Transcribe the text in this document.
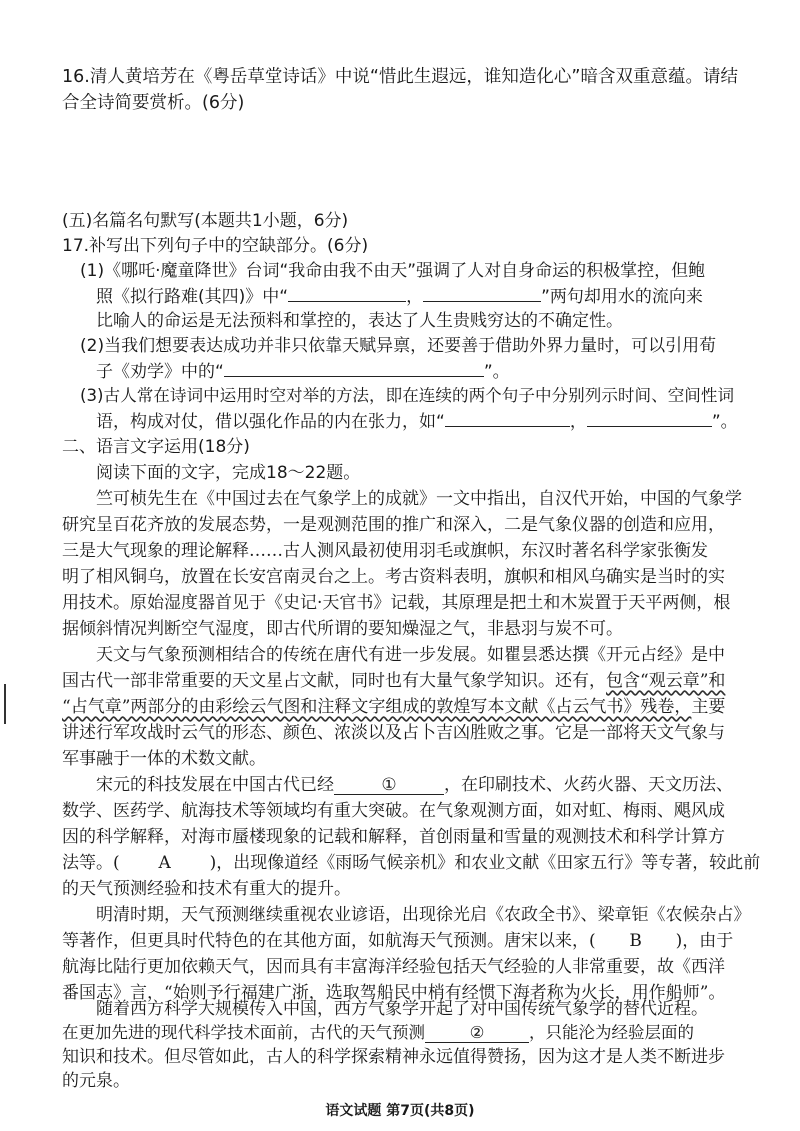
16.清人黄培芳在《粤岳草堂诗话》中说“惜此生遐远，谁知造化心”暗含双重意蕴。请结
合全诗简要赏析。(6分)
(五)名篇名句默写(本题共1小题，6分)
17.补写出下列句子中的空缺部分。(6分)
(1)《哪吒·魔童降世》台词“我命由我不由天”强调了人对自身命运的积极掌控，但鲍
照《拟行路难(其四)》中“	，	”两句却用水的流向来
比喻人的命运是无法预料和掌控的，表达了人生贵贱穷达的不确定性。
(2)当我们想要表达成功并非只依靠天赋异禀，还要善于借助外界力量时，可以引用荀
子《劝学》中的“	”。
(3)古人常在诗词中运用时空对举的方法，即在连续的两个句子中分别列示时间、空间性词
语，构成对仗，借以强化作品的内在张力，如“	，	”。
二、语言文字运用(18分)
阅读下面的文字，完成18～22题。
竺可桢先生在《中国过去在气象学上的成就》一文中指出，自汉代开始，中国的气象学
研究呈百花齐放的发展态势，一是观测范围的推广和深入，二是气象仪器的创造和应用，
三是大气现象的理论解释……古人测风最初使用羽毛或旗帜，东汉时著名科学家张衡发
明了相风铜乌，放置在长安宫南灵台之上。考古资料表明，旗帜和相风乌确实是当时的实
用技术。原始湿度器首见于《史记·天官书》记载，其原理是把土和木炭置于天平两侧，根
据倾斜情况判断空气湿度，即古代所谓的要知燥湿之气，非悬羽与炭不可。
天文与气象预测相结合的传统在唐代有进一步发展。如瞿昙悉达撰《开元占经》是中
国古代一部非常重要的天文星占文献，同时也有大量气象学知识。还有，包含“观云章”和
“占气章”两部分的由彩绘云气图和注释文字组成的敦煌写本文献《占云气书》残卷，主要
讲述行军攻战时云气的形态、颜色、浓淡以及占卜吉凶胜败之事。它是一部将天文气象与
军事融于一体的术数文献。
宋元的科技发展在中国古代已经	①	，在印刷技术、火药火器、天文历法、
数学、医药学、航海技术等领域均有重大突破。在气象观测方面，如对虹、梅雨、飓风成
因的科学解释，对海市蜃楼现象的记载和解释，首创雨量和雪量的观测技术和科学计算方
法等。( A )，出现像道经《雨旸气候亲机》和农业文献《田家五行》等专著，较此前
的天气预测经验和技术有重大的提升。
明清时期，天气预测继续重视农业谚语，出现徐光启《农政全书》、梁章钜《农候杂占》
等著作，但更具时代特色的在其他方面，如航海天气预测。唐宋以来，( B )，由于
航海比陆行更加依赖天气，因而具有丰富海洋经验包括天气经验的人非常重要，故《西洋
番国志》言，“始则予行福建广浙，选取驾船民中梢有经惯下海者称为火长，用作船师”。
随着西方科学大规模传入中国，西方气象学开起了对中国传统气象学的替代近程。
在更加先进的现代科学技术面前，古代的天气预测	②	，只能沦为经验层面的
语文试题 第7页(共8页)
知识和技术。但尽管如此，古人的科学探索精神永远值得赞扬，因为这才是人类不断进步
的元泉。
